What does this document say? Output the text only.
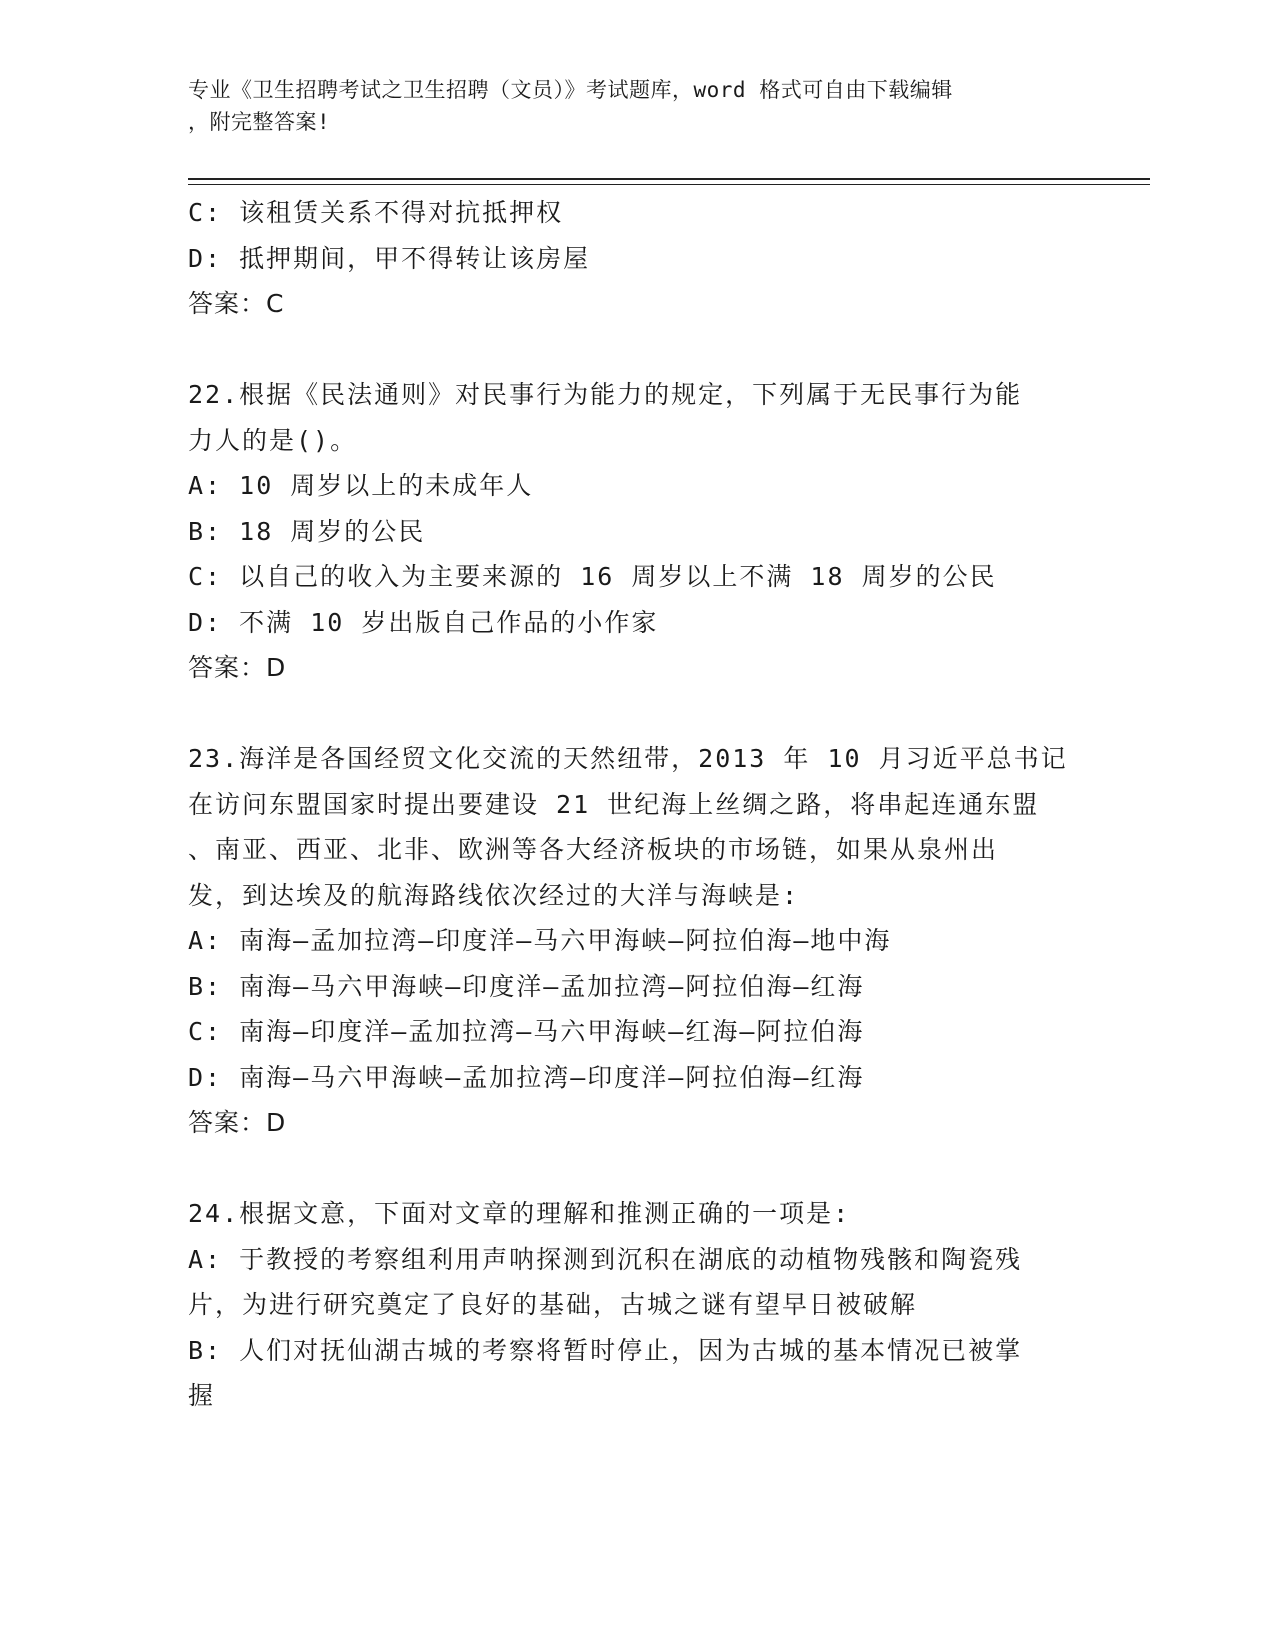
专业《卫生招聘考试之卫生招聘（文员）》考试题库，word 格式可自由下载编辑
，附完整答案!

C: 该租赁关系不得对抗抵押权

D: 抵押期间，甲不得转让该房屋

答案：C

22.根据《民法通则》对民事行为能力的规定，下列属于无民事行为能

力人的是()。

A: 10 周岁以上的未成年人

B: 18 周岁的公民

C: 以自己的收入为主要来源的 16 周岁以上不满 18 周岁的公民

D: 不满 10 岁出版自己作品的小作家

答案：D

23.海洋是各国经贸文化交流的天然纽带，2013 年 10 月习近平总书记

在访问东盟国家时提出要建设 21 世纪海上丝绸之路，将串起连通东盟

、南亚、西亚、北非、欧洲等各大经济板块的市场链，如果从泉州出

发，到达埃及的航海路线依次经过的大洋与海峡是:

A: 南海—孟加拉湾—印度洋—马六甲海峡—阿拉伯海—地中海

B: 南海—马六甲海峡—印度洋—孟加拉湾—阿拉伯海—红海

C: 南海—印度洋—孟加拉湾—马六甲海峡—红海—阿拉伯海

D: 南海—马六甲海峡—孟加拉湾—印度洋—阿拉伯海—红海

答案：D

24.根据文意，下面对文章的理解和推测正确的一项是:

A: 于教授的考察组利用声呐探测到沉积在湖底的动植物残骸和陶瓷残

片，为进行研究奠定了良好的基础，古城之谜有望早日被破解

B: 人们对抚仙湖古城的考察将暂时停止，因为古城的基本情况已被掌

握
